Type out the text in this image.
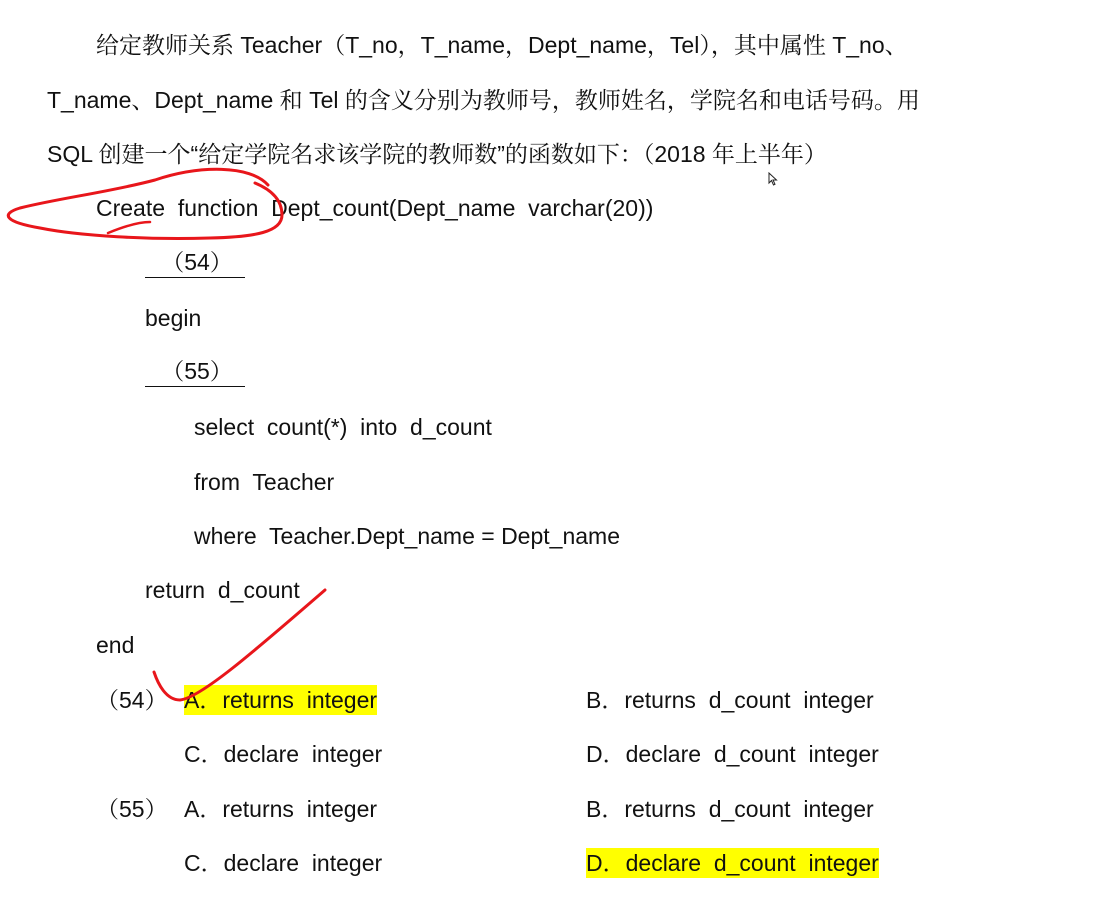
给定教师关系 Teacher（T_no，T_name，Dept_name，Tel），其中属性 T_no、
T_name、Dept_name 和 Tel 的含义分别为教师号，教师姓名，学院名和电话号码。用
SQL 创建一个“给定学院名求该学院的教师数”的函数如下：（2018 年上半年）
Create  function  Dept_count(Dept_name  varchar(20))
（54）
begin
（55）
select  count(*)  into  d_count
from  Teacher
where  Teacher.Dept_name = Dept_name
return  d_count
end
（54） A．returns  integer	B．returns  d_count  integer
C．declare  integer	D．declare  d_count  integer
（55） A．returns  integer	B．returns  d_count  integer
C．declare  integer	D．declare  d_count  integer
